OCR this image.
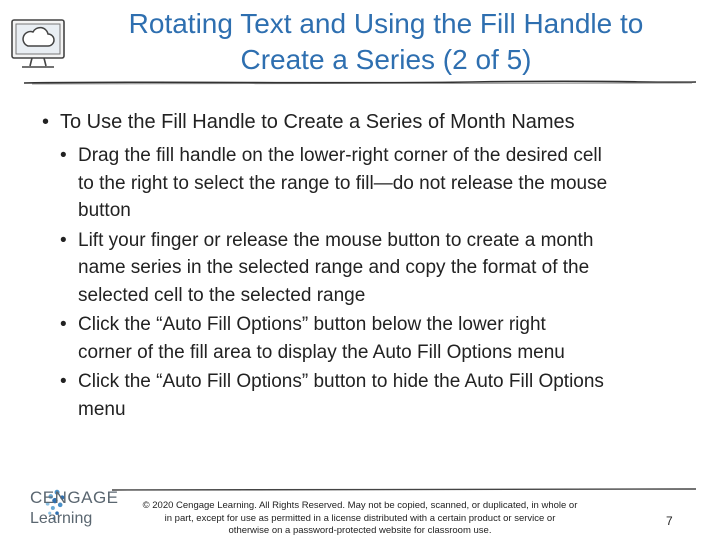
Rotating Text and Using the Fill Handle to
Create a Series (2 of 5)
• To Use the Fill Handle to Create a Series of Month Names
• Drag the fill handle on the lower-right corner of the desired cell
to the right to select the range to fill—do not release the mouse
button
• Lift your finger or release the mouse button to create a month
name series in the selected range and copy the format of the
selected cell to the selected range
• Click the “Auto Fill Options” button below the lower right
corner of the fill area to display the Auto Fill Options menu
• Click the “Auto Fill Options” button to hide the Auto Fill Options
menu
CENGAGE
Learning
© 2020 Cengage Learning. All Rights Reserved. May not be copied, scanned, or duplicated, in whole or
in part, except for use as permitted in a license distributed with a certain product or service or
otherwise on a password-protected website for classroom use.
7
